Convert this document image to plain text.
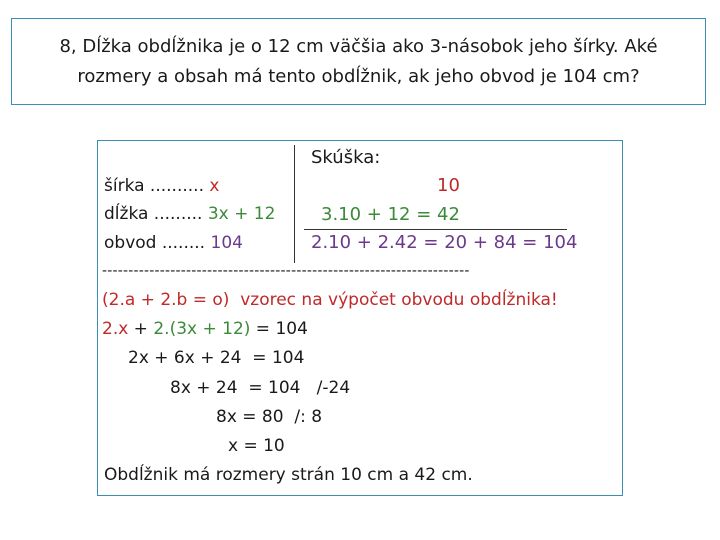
8, Dĺžka obdĺžnika je o 12 cm väčšia ako 3-násobok jeho šírky. Aké
rozmery a obsah má tento obdĺžnik, ak jeho obvod je 104 cm?

Skúška:
šírka .......... x	10
dĺžka ......... 3x + 12	3.10 + 12 = 42
obvod ........ 104	2.10 + 2.42 = 20 + 84 = 104
----------------------------------------------------------------------
(2.a + 2.b = o)  vzorec na výpočet obvodu obdĺžnika!
2.x + 2.(3x + 12) = 104
2x + 6x + 24  = 104
8x + 24  = 104   /-24
8x = 80  /: 8
x = 10
Obdĺžnik má rozmery strán 10 cm a 42 cm.
